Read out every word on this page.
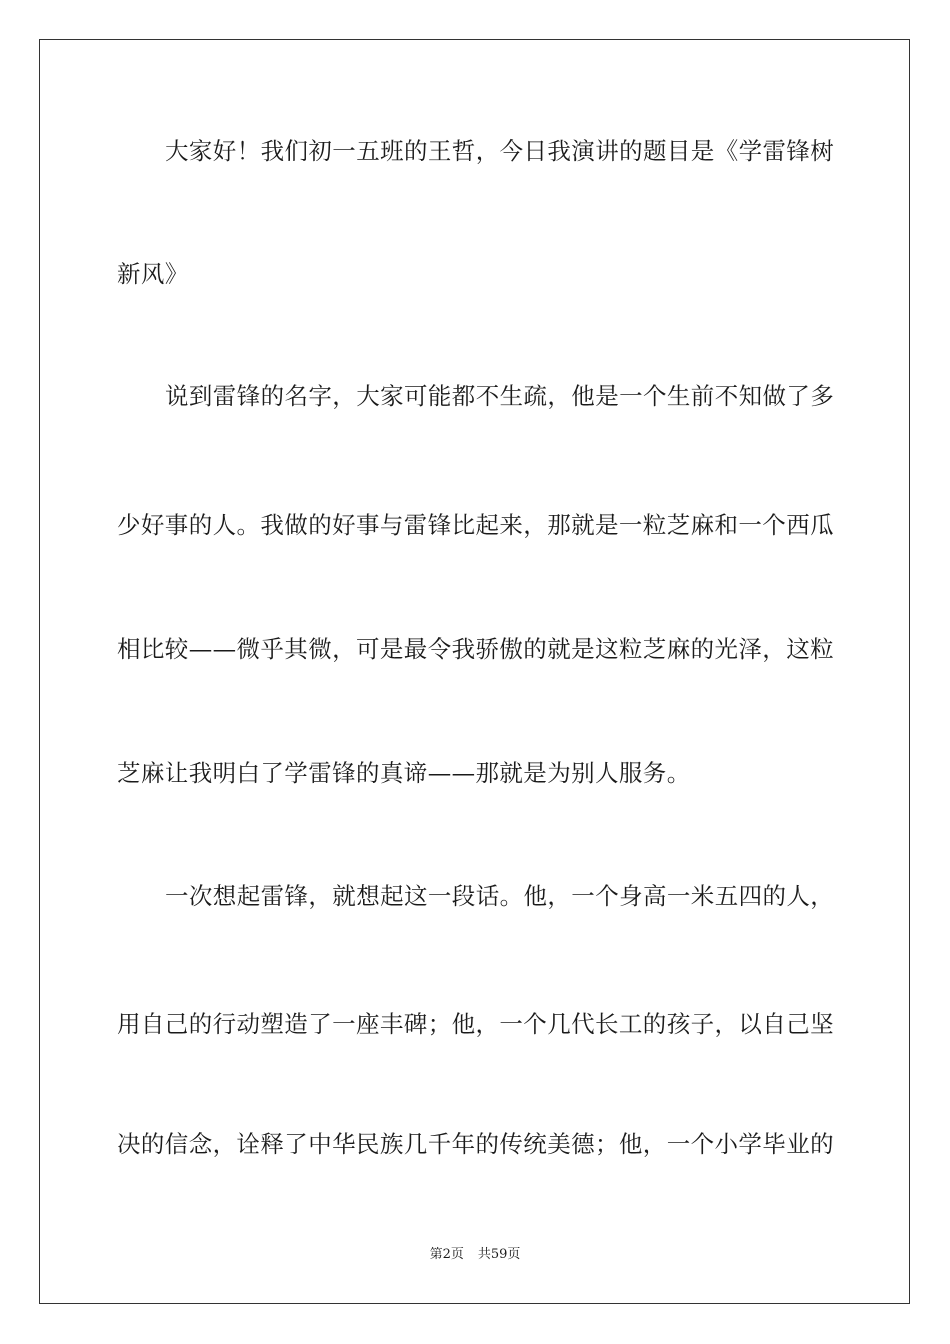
大家好！我们初一五班的王哲，今日我演讲的题目是《学雷锋树
新风》
说到雷锋的名字，大家可能都不生疏，他是一个生前不知做了多
少好事的人。我做的好事与雷锋比起来，那就是一粒芝麻和一个西瓜
相比较——微乎其微，可是最令我骄傲的就是这粒芝麻的光泽，这粒
芝麻让我明白了学雷锋的真谛——那就是为别人服务。
一次想起雷锋，就想起这一段话。他，一个身高一米五四的人，
用自己的行动塑造了一座丰碑；他，一个几代长工的孩子，以自己坚
决的信念，诠释了中华民族几千年的传统美德；他，一个小学毕业的
第2页 共59页
